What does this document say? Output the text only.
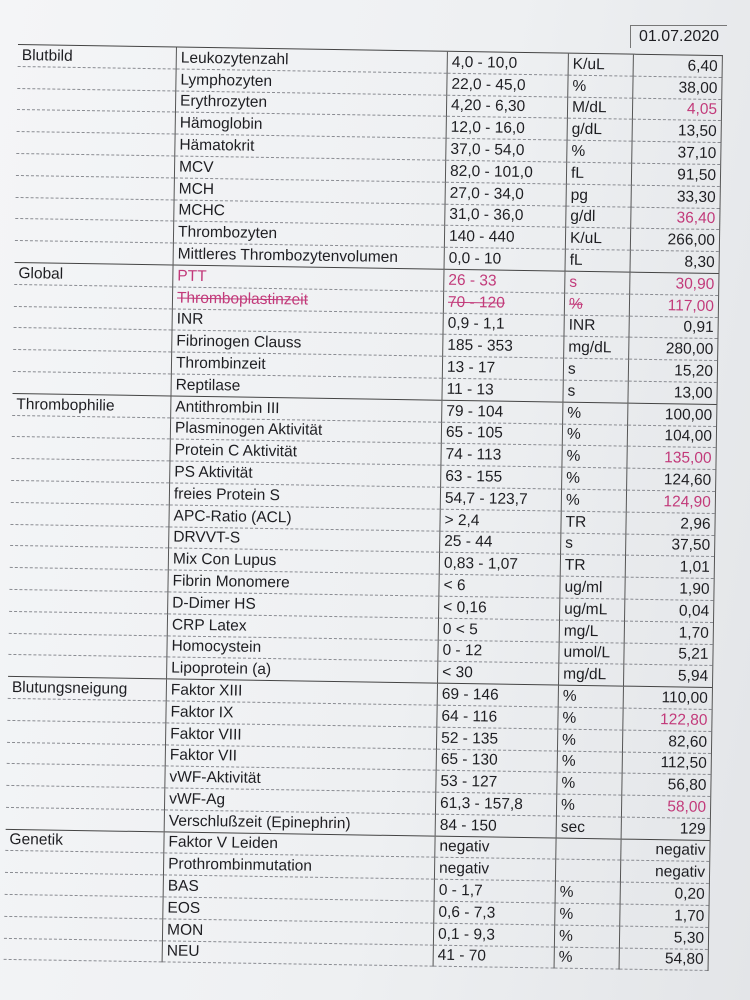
01.07.2020
Blutbild	Leukozytenzahl	4,0 - 10,0	K/uL	6,40
	Lymphozyten	22,0 - 45,0	%	38,00
	Erythrozyten	4,20 - 6,30	M/dL	4,05
	Hämoglobin	12,0 - 16,0	g/dL	13,50
	Hämatokrit	37,0 - 54,0	%	37,10
	MCV	82,0 - 101,0	fL	91,50
	MCH	27,0 - 34,0	pg	33,30
	MCHC	31,0 - 36,0	g/dl	36,40
	Thrombozyten	140 - 440	K/uL	266,00
	Mittleres Thrombozytenvolumen	0,0 - 10	fL	8,30
Global	PTT	26 - 33	s	30,90
	Thromboplastinzeit	70 - 120	%	117,00
	INR	0,9 - 1,1	INR	0,91
	Fibrinogen Clauss	185 - 353	mg/dL	280,00
	Thrombinzeit	13 - 17	s	15,20
	Reptilase	11 - 13	s	13,00
Thrombophilie	Antithrombin III	79 - 104	%	100,00
	Plasminogen Aktivität	65 - 105	%	104,00
	Protein C Aktivität	74 - 113	%	135,00
	PS Aktivität	63 - 155	%	124,60
	freies Protein S	54,7 - 123,7	%	124,90
	APC-Ratio (ACL)	> 2,4	TR	2,96
	DRVVT-S	25 - 44	s	37,50
	Mix Con Lupus	0,83 - 1,07	TR	1,01
	Fibrin Monomere	< 6	ug/ml	1,90
	D-Dimer HS	< 0,16	ug/mL	0,04
	CRP Latex	0 < 5	mg/L	1,70
	Homocystein	0 - 12	umol/L	5,21
	Lipoprotein (a)	< 30	mg/dL	5,94
Blutungsneigung	Faktor XIII	69 - 146	%	110,00
	Faktor IX	64 - 116	%	122,80
	Faktor VIII	52 - 135	%	82,60
	Faktor VII	65 - 130	%	112,50
	vWF-Aktivität	53 - 127	%	56,80
	vWF-Ag	61,3 - 157,8	%	58,00
	Verschlußzeit (Epinephrin)	84 - 150	sec	129
Genetik	Faktor V Leiden	negativ		negativ
	Prothrombinmutation	negativ		negativ
	BAS	0 - 1,7	%	0,20
	EOS	0,6 - 7,3	%	1,70
	MON	0,1 - 9,3	%	5,30
	NEU	41 - 70	%	54,80
